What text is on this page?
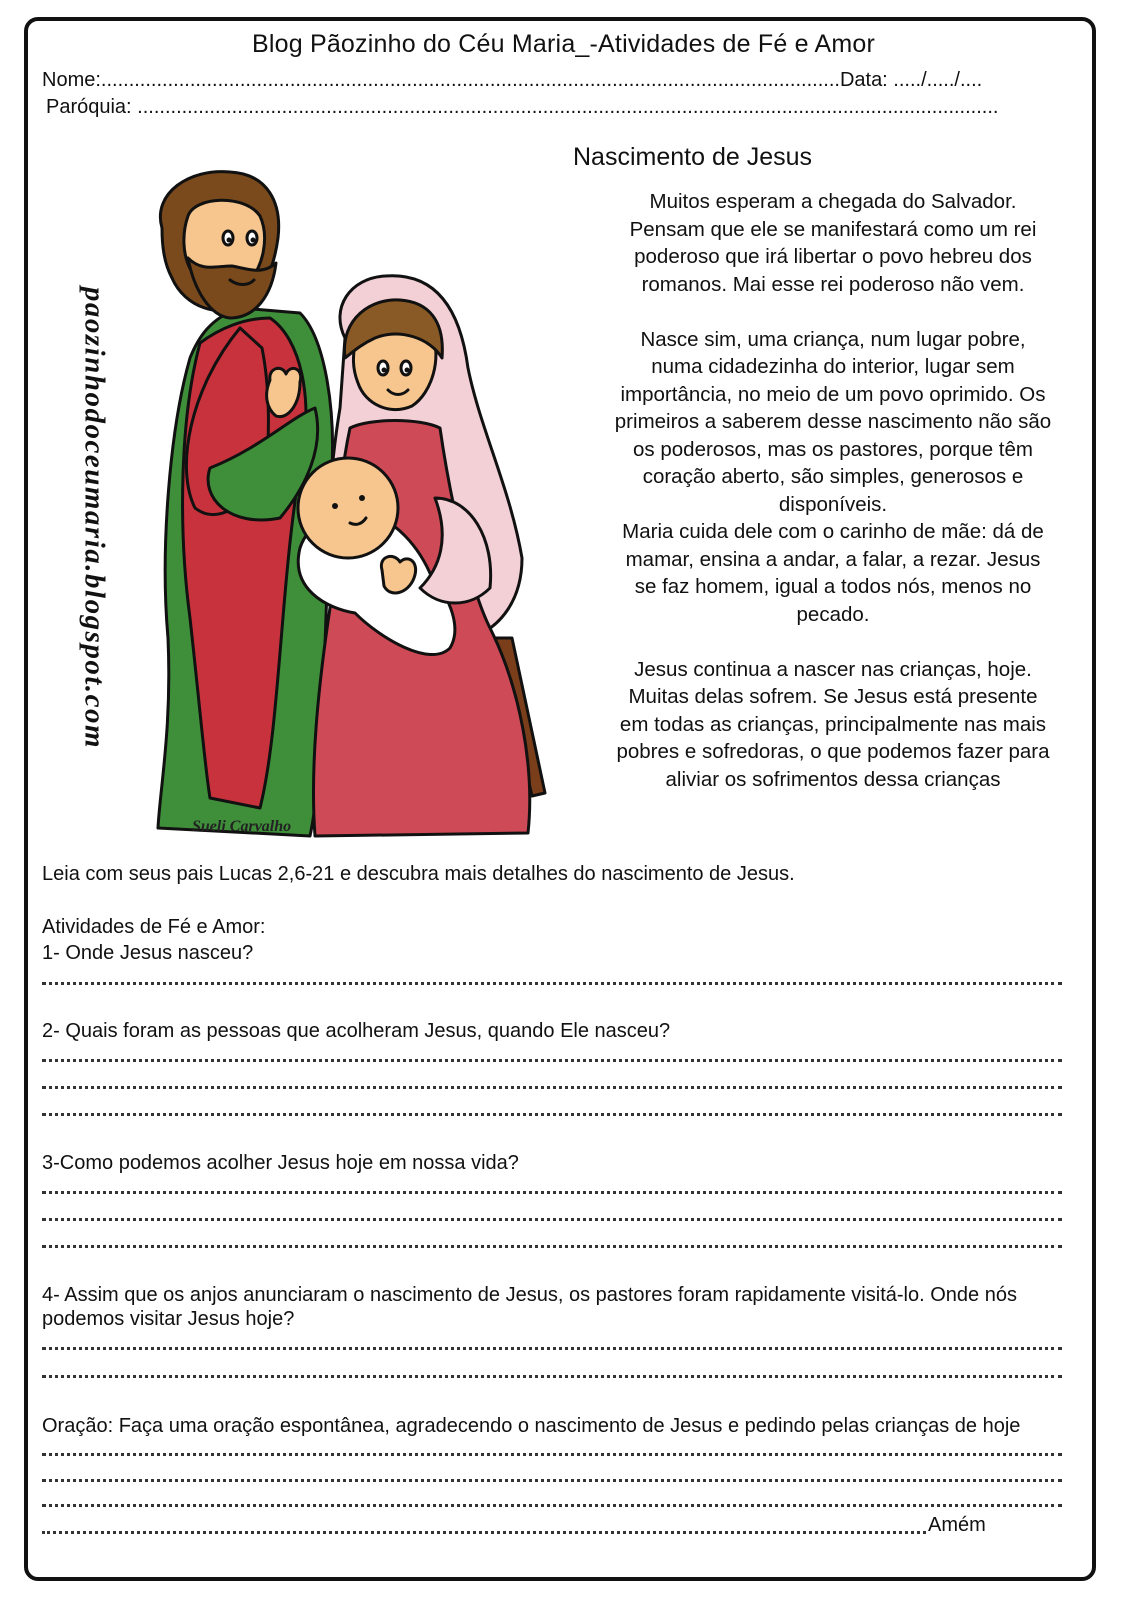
Blog Pãozinho do Céu Maria_-Atividades de Fé e Amor
Nome:.....................................................................................................................................Data: ...../...../....
Paróquia: ...........................................................................................................................................................
paozinhodoceumaria.blogspot.com
Sueli Carvalho
Nascimento de Jesus

Muitos esperam a chegada do Salvador.

Pensam que ele se manifestará como um rei

poderoso que irá libertar o povo hebreu dos

romanos. Mai esse rei poderoso não vem.

Nasce sim, uma criança, num lugar pobre,

numa cidadezinha do interior, lugar sem

importância, no meio de um povo oprimido. Os

primeiros a saberem desse nascimento não são

os poderosos, mas os pastores, porque têm

coração aberto, são simples, generosos e

disponíveis.

Maria cuida dele com o carinho de mãe: dá de

mamar, ensina a andar, a falar, a rezar. Jesus

se faz homem, igual a todos nós, menos no

pecado.

Jesus continua a nascer nas crianças, hoje.

Muitas delas sofrem. Se Jesus está presente

em todas as crianças, principalmente nas mais

pobres e sofredoras, o que podemos fazer para

aliviar os sofrimentos dessa crianças

Leia com seus pais Lucas 2,6-21 e descubra mais detalhes do nascimento de Jesus.
Atividades de Fé e Amor:
1- Onde Jesus nasceu?
2- Quais foram as pessoas que acolheram Jesus, quando Ele nasceu?
3-Como podemos acolher Jesus hoje em nossa vida?
4- Assim que os anjos anunciaram o nascimento de Jesus, os pastores foram rapidamente visitá-lo. Onde nós
podemos visitar Jesus hoje?
Oração: Faça uma oração espontânea, agradecendo o nascimento de Jesus e pedindo pelas crianças de hoje
Amém
